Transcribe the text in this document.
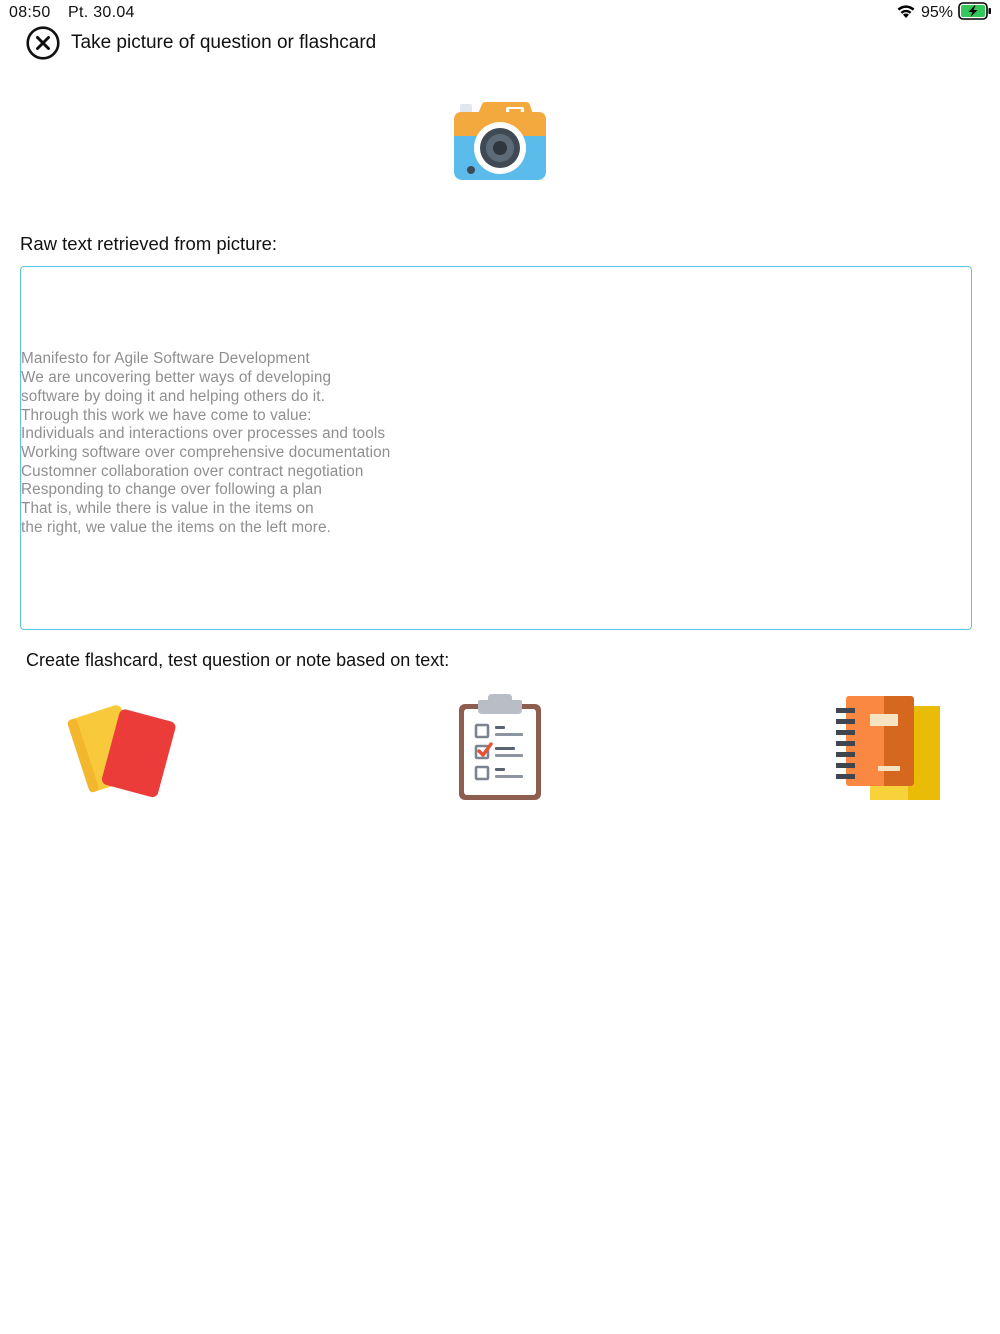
08:50 Pt. 30.04	95%
Take picture of question or flashcard
Raw text retrieved from picture:

Manifesto for Agile Software Development
We are uncovering better ways of developing
software by doing it and helping others do it.
Through this work we have come to value:
Individuals and interactions over processes and tools
Working software over comprehensive documentation
Customner collaboration over contract negotiation
Responding to change over following a plan
That is, while there is value in the items on
the right, we value the items on the left more.

Create flashcard, test question or note based on text:
